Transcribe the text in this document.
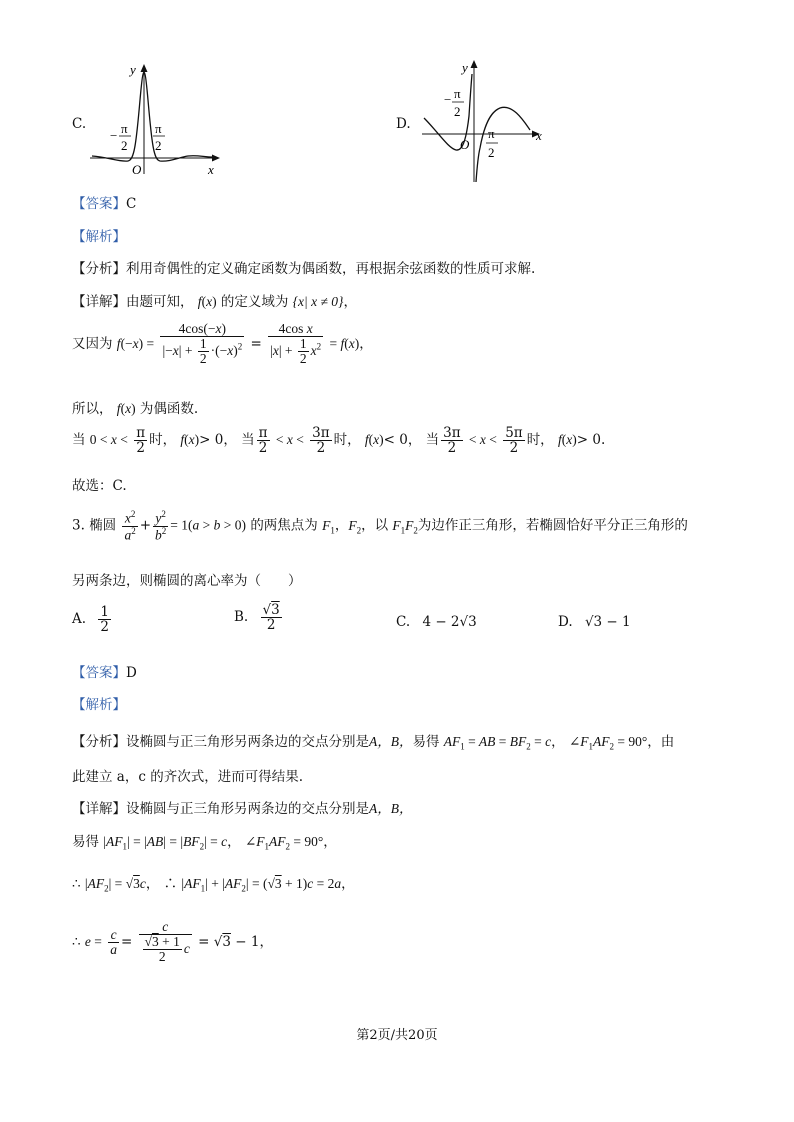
C.
y
x
O
− π
2
π
2
D.
y
x
O
− π
2
π
2
【答案】C
【解析】
【分析】利用奇偶性的定义确定函数为偶函数，再根据余弦函数的性质可求解.
【详解】由题可知， f(x) 的定义域为 {x| x ≠ 0}，
又因为 $f(-x) = \frac{4\cos(-x)}{|-x| + \frac{1}{2} \cdot(-x)^2} = \frac{\text{4cos x}}{|x| + \frac{1}{2} x^2} = f(x)$，
所以， f(x) 为偶函数.
当 $0 < x < \frac{\pi}{2}$ 时， f(x)> 0， 当 $\frac{\pi}{2} < x < \frac{3\pi}{2}$ 时， f(x)< 0， 当 $\frac{3\pi}{2} < x < \frac{5\pi}{2}$ 时， f(x)> 0.
故选：C.
3. 椭圆 $\frac{x^2}{a^2} + \frac{y^2}{b^2} = 1(a > b > 0)$ 的两焦点为 $F_1$，$F_2$，以 $F_1F_2$为边作正三角形，若椭圆恰好平分正三角形的
另两条边，则椭圆的离心率为（　　）
A. $\frac{1}{2}$	B. $\frac{√3}{2}$	C. 4 − 2√3	D. √3 − 1
【答案】D
【解析】
【分析】设椭圆与正三角形另两条边的交点分别是A，B，易得 $AF_1$ = AB = $BF_2 = c$， $\angle F_1AF_2 = 90^\circ$，由
此建立 a，c 的齐次式，进而可得结果.
【详解】设椭圆与正三角形另两条边的交点分别是A，B，
易得 $|AF_1| = |AB| = |BF_2| = c$， $\angle F_1AF_2 = 90^\circ$，
∴ $|AF_2| = √3c$， ∴ $|AF_1| + |AF_2| = (√3 + 1)c = 2a$，
∴ $e = \frac{c}{a} = \frac{c}{\frac{√3 + 1}{2} c} = √3 - 1$，
第2页/共20页
